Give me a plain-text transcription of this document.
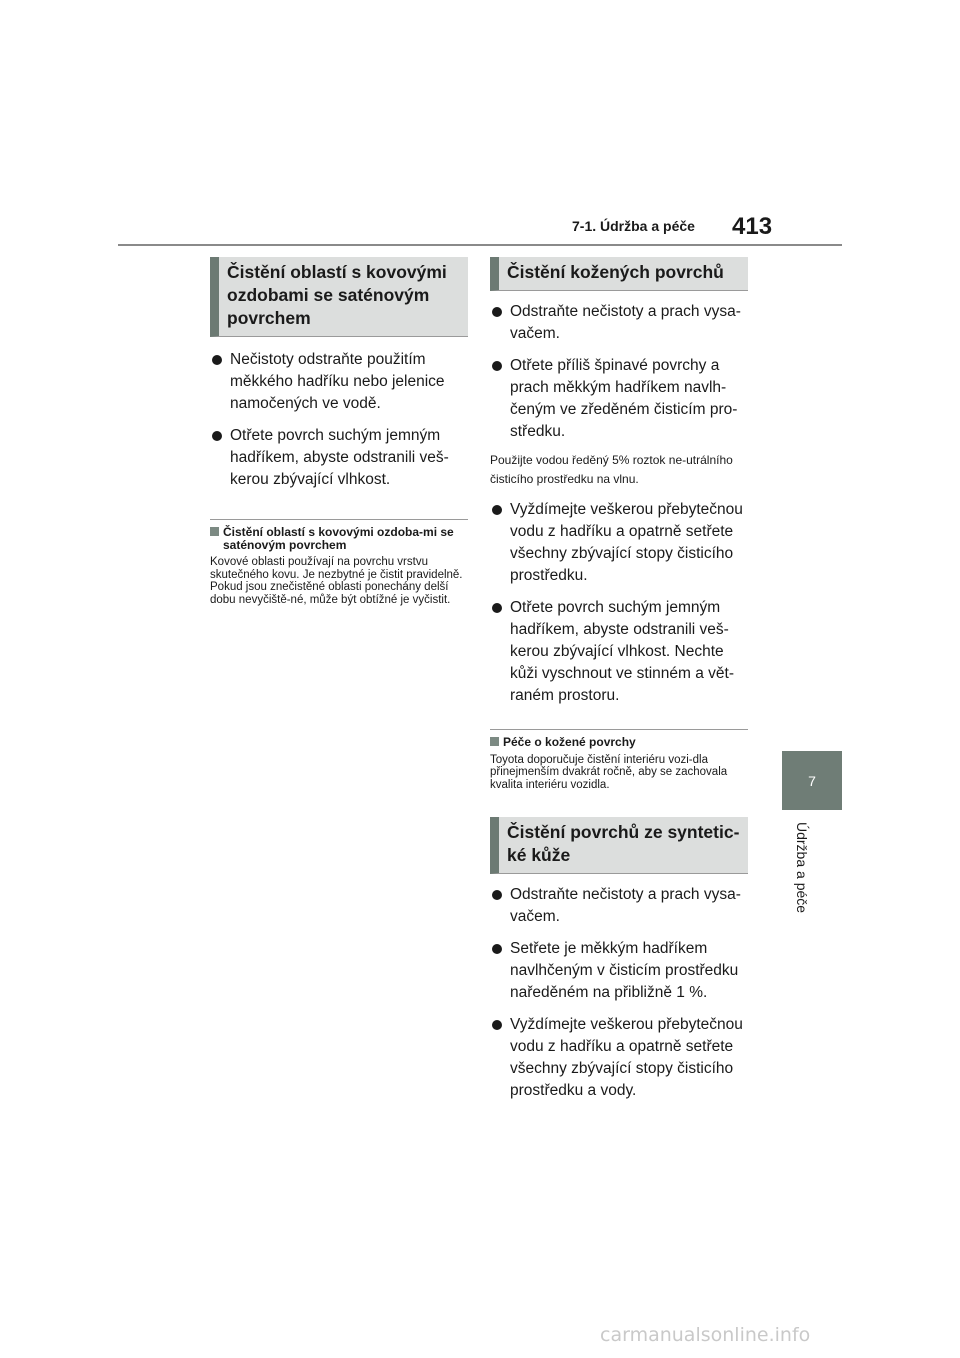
7-1. Údržba a péče 413
7
Údržba a péče
Čistění oblastí s kovovými ozdobami se saténovým povrchem
Nečistoty odstraňte použitím měkkého hadříku nebo jelenice namočených ve vodě.
Otřete povrch suchým jemným hadříkem, abyste odstranili veš-kerou zbývající vlhkost.
Čistění oblastí s kovovými ozdoba-mi se saténovým povrchem
Kovové oblasti používají na povrchu vrstvu skutečného kovu. Je nezbytné je čistit pravidelně. Pokud jsou znečistěné oblasti ponechány delší dobu nevyčiště-né, může být obtížné je vyčistit.
Čistění kožených povrchů
Odstraňte nečistoty a prach vysa-vačem.
Otřete příliš špinavé povrchy a prach měkkým hadříkem navlh-čeným ve zředěném čisticím pro-středku.
Použijte vodou ředěný 5% roztok ne-utrálního čisticího prostředku na vlnu.
Vyždímejte veškerou přebytečnou vodu z hadříku a opatrně setřete všechny zbývající stopy čisticího prostředku.
Otřete povrch suchým jemným hadříkem, abyste odstranili veš-kerou zbývající vlhkost. Nechte kůži vyschnout ve stinném a vět-raném prostoru.
Péče o kožené povrchy
Toyota doporučuje čistění interiéru vozi-dla přinejmenším dvakrát ročně, aby se zachovala kvalita interiéru vozidla.
Čistění povrchů ze syntetic-ké kůže
Odstraňte nečistoty a prach vysa-vačem.
Setřete je měkkým hadříkem navlhčeným v čisticím prostředku naředěném na přibližně 1 %.
Vyždímejte veškerou přebytečnou vodu z hadříku a opatrně setřete všechny zbývající stopy čisticího prostředku a vody.
carmanualsonline.info
